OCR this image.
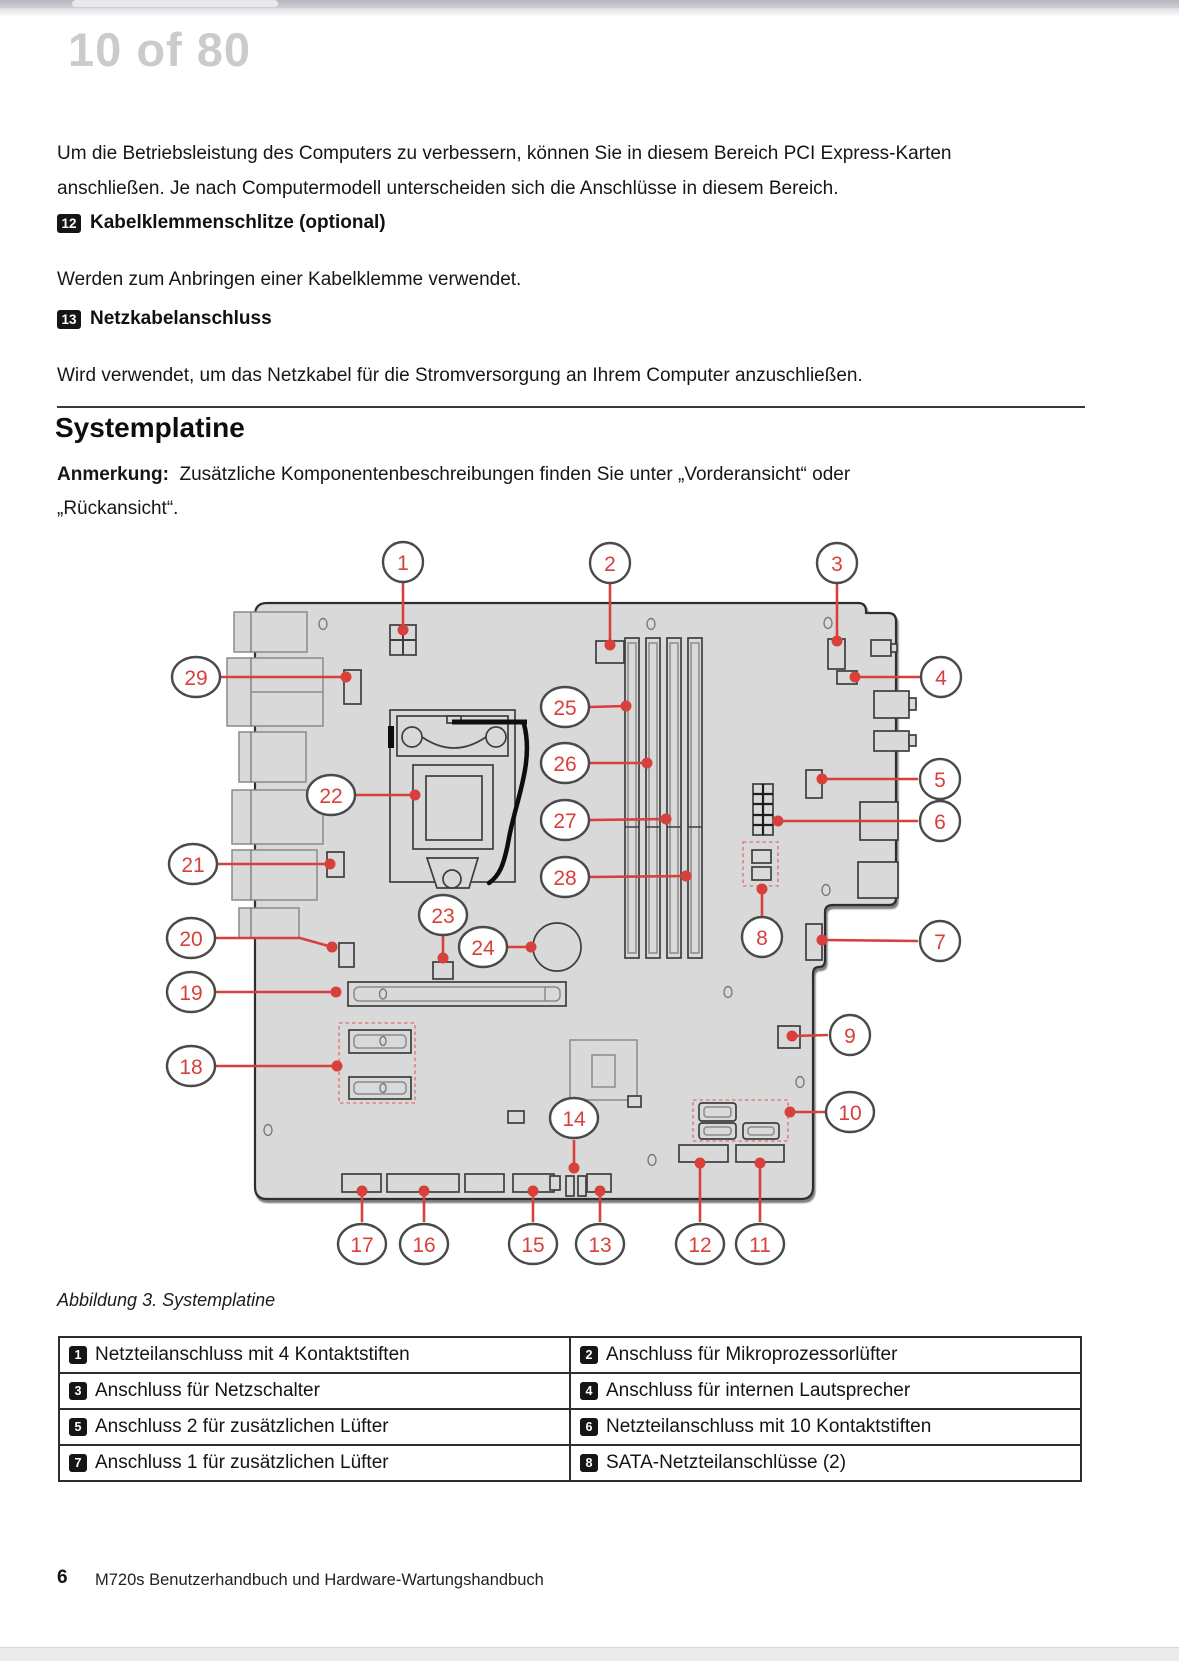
10 of 80
Um die Betriebsleistung des Computers zu verbessern, können Sie in diesem Bereich PCI Express-Karten
anschließen. Je nach Computermodell unterscheiden sich die Anschlüsse in diesem Bereich.
12 Kabelklemmenschlitze (optional)
Werden zum Anbringen einer Kabelklemme verwendet.
13 Netzkabelanschluss
Wird verwendet, um das Netzkabel für die Stromversorgung an Ihrem Computer anzuschließen.
Systemplatine
Anmerkung: Zusätzliche Komponentenbeschreibungen finden Sie unter „Vorderansicht“ oder
„Rückansicht“.
1	2	3
4
5
6
7
8
9
10
11
12
13
14
15
16
17
18
19
20
21
22
23
24
25
26
27
28
29
Abbildung 3. Systemplatine
1 Netzteilanschluss mit 4 Kontaktstiften	2 Anschluss für Mikroprozessorlüfter
3 Anschluss für Netzschalter	4 Anschluss für internen Lautsprecher
5 Anschluss 2 für zusätzlichen Lüfter	6 Netzteilanschluss mit 10 Kontaktstiften
7 Anschluss 1 für zusätzlichen Lüfter	8 SATA-Netzteilanschlüsse (2)
6 M720s Benutzerhandbuch und Hardware-Wartungshandbuch
